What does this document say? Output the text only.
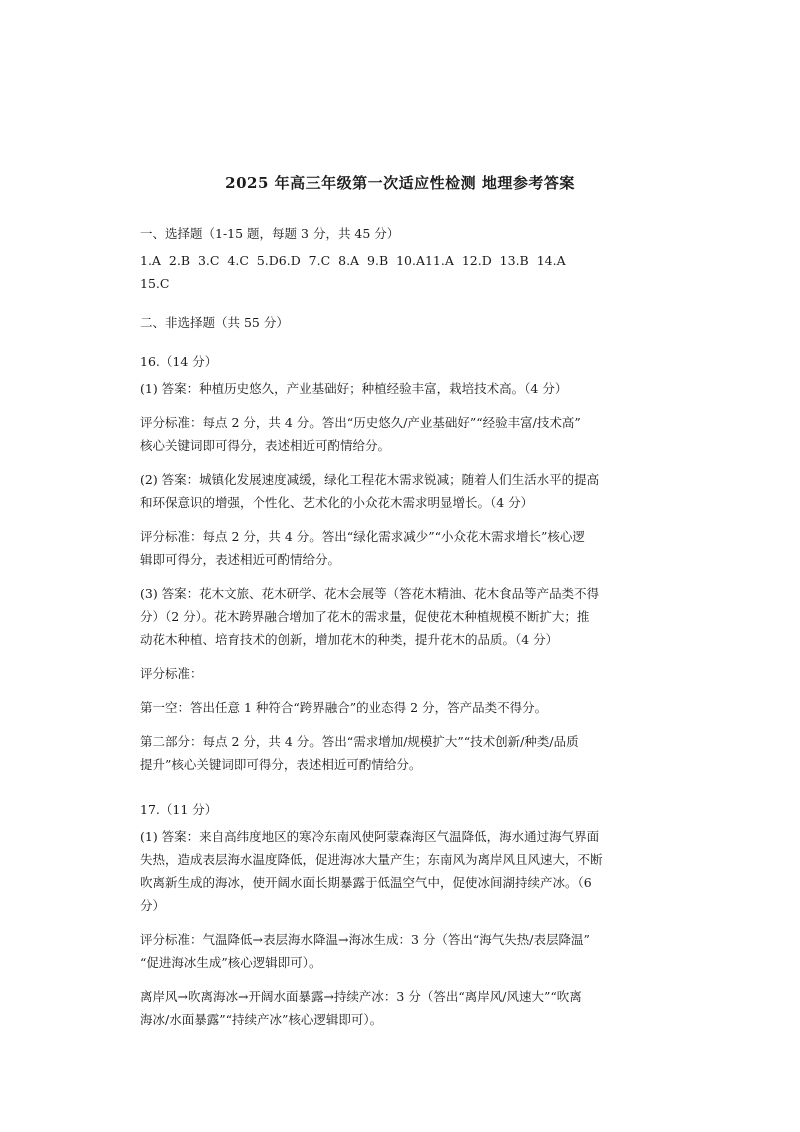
2025 年高三年级第一次适应性检测 地理参考答案

一、选择题（1-15 题，每题 3 分，共 45 分）

1.A  2.B  3.C  4.C  5.D6.D  7.C  8.A  9.B  10.A11.A  12.D  13.B  14.A

15.C

二、非选择题（共 55 分）

16.（14 分）

(1) 答案：种植历史悠久，产业基础好；种植经验丰富，栽培技术高。（4 分）

评分标准：每点 2 分，共 4 分。答出“历史悠久/产业基础好”“经验丰富/技术高”

核心关键词即可得分，表述相近可酌情给分。

(2) 答案：城镇化发展速度减缓，绿化工程花木需求锐减；随着人们生活水平的提高

和环保意识的增强，个性化、艺术化的小众花木需求明显增长。（4 分）

评分标准：每点 2 分，共 4 分。答出“绿化需求减少”“小众花木需求增长”核心逻

辑即可得分，表述相近可酌情给分。

(3) 答案：花木文旅、花木研学、花木会展等（答花木精油、花木食品等产品类不得

分）（2 分）。花木跨界融合增加了花木的需求量，促使花木种植规模不断扩大；推

动花木种植、培育技术的创新，增加花木的种类，提升花木的品质。（4 分）

评分标准：

第一空：答出任意 1 种符合“跨界融合”的业态得 2 分，答产品类不得分。

第二部分：每点 2 分，共 4 分。答出“需求增加/规模扩大”“技术创新/种类/品质

提升”核心关键词即可得分，表述相近可酌情给分。

17.（11 分）

(1) 答案：来自高纬度地区的寒冷东南风使阿蒙森海区气温降低，海水通过海气界面

失热，造成表层海水温度降低，促进海冰大量产生；东南风为离岸风且风速大，不断

吹离新生成的海冰，使开阔水面长期暴露于低温空气中，促使冰间湖持续产冰。（6

分）

评分标准：气温降低→表层海水降温→海冰生成：3 分（答出“海气失热/表层降温”

“促进海冰生成”核心逻辑即可）。

离岸风→吹离海冰→开阔水面暴露→持续产冰：3 分（答出“离岸风/风速大”“吹离

海冰/水面暴露”“持续产冰”核心逻辑即可）。
